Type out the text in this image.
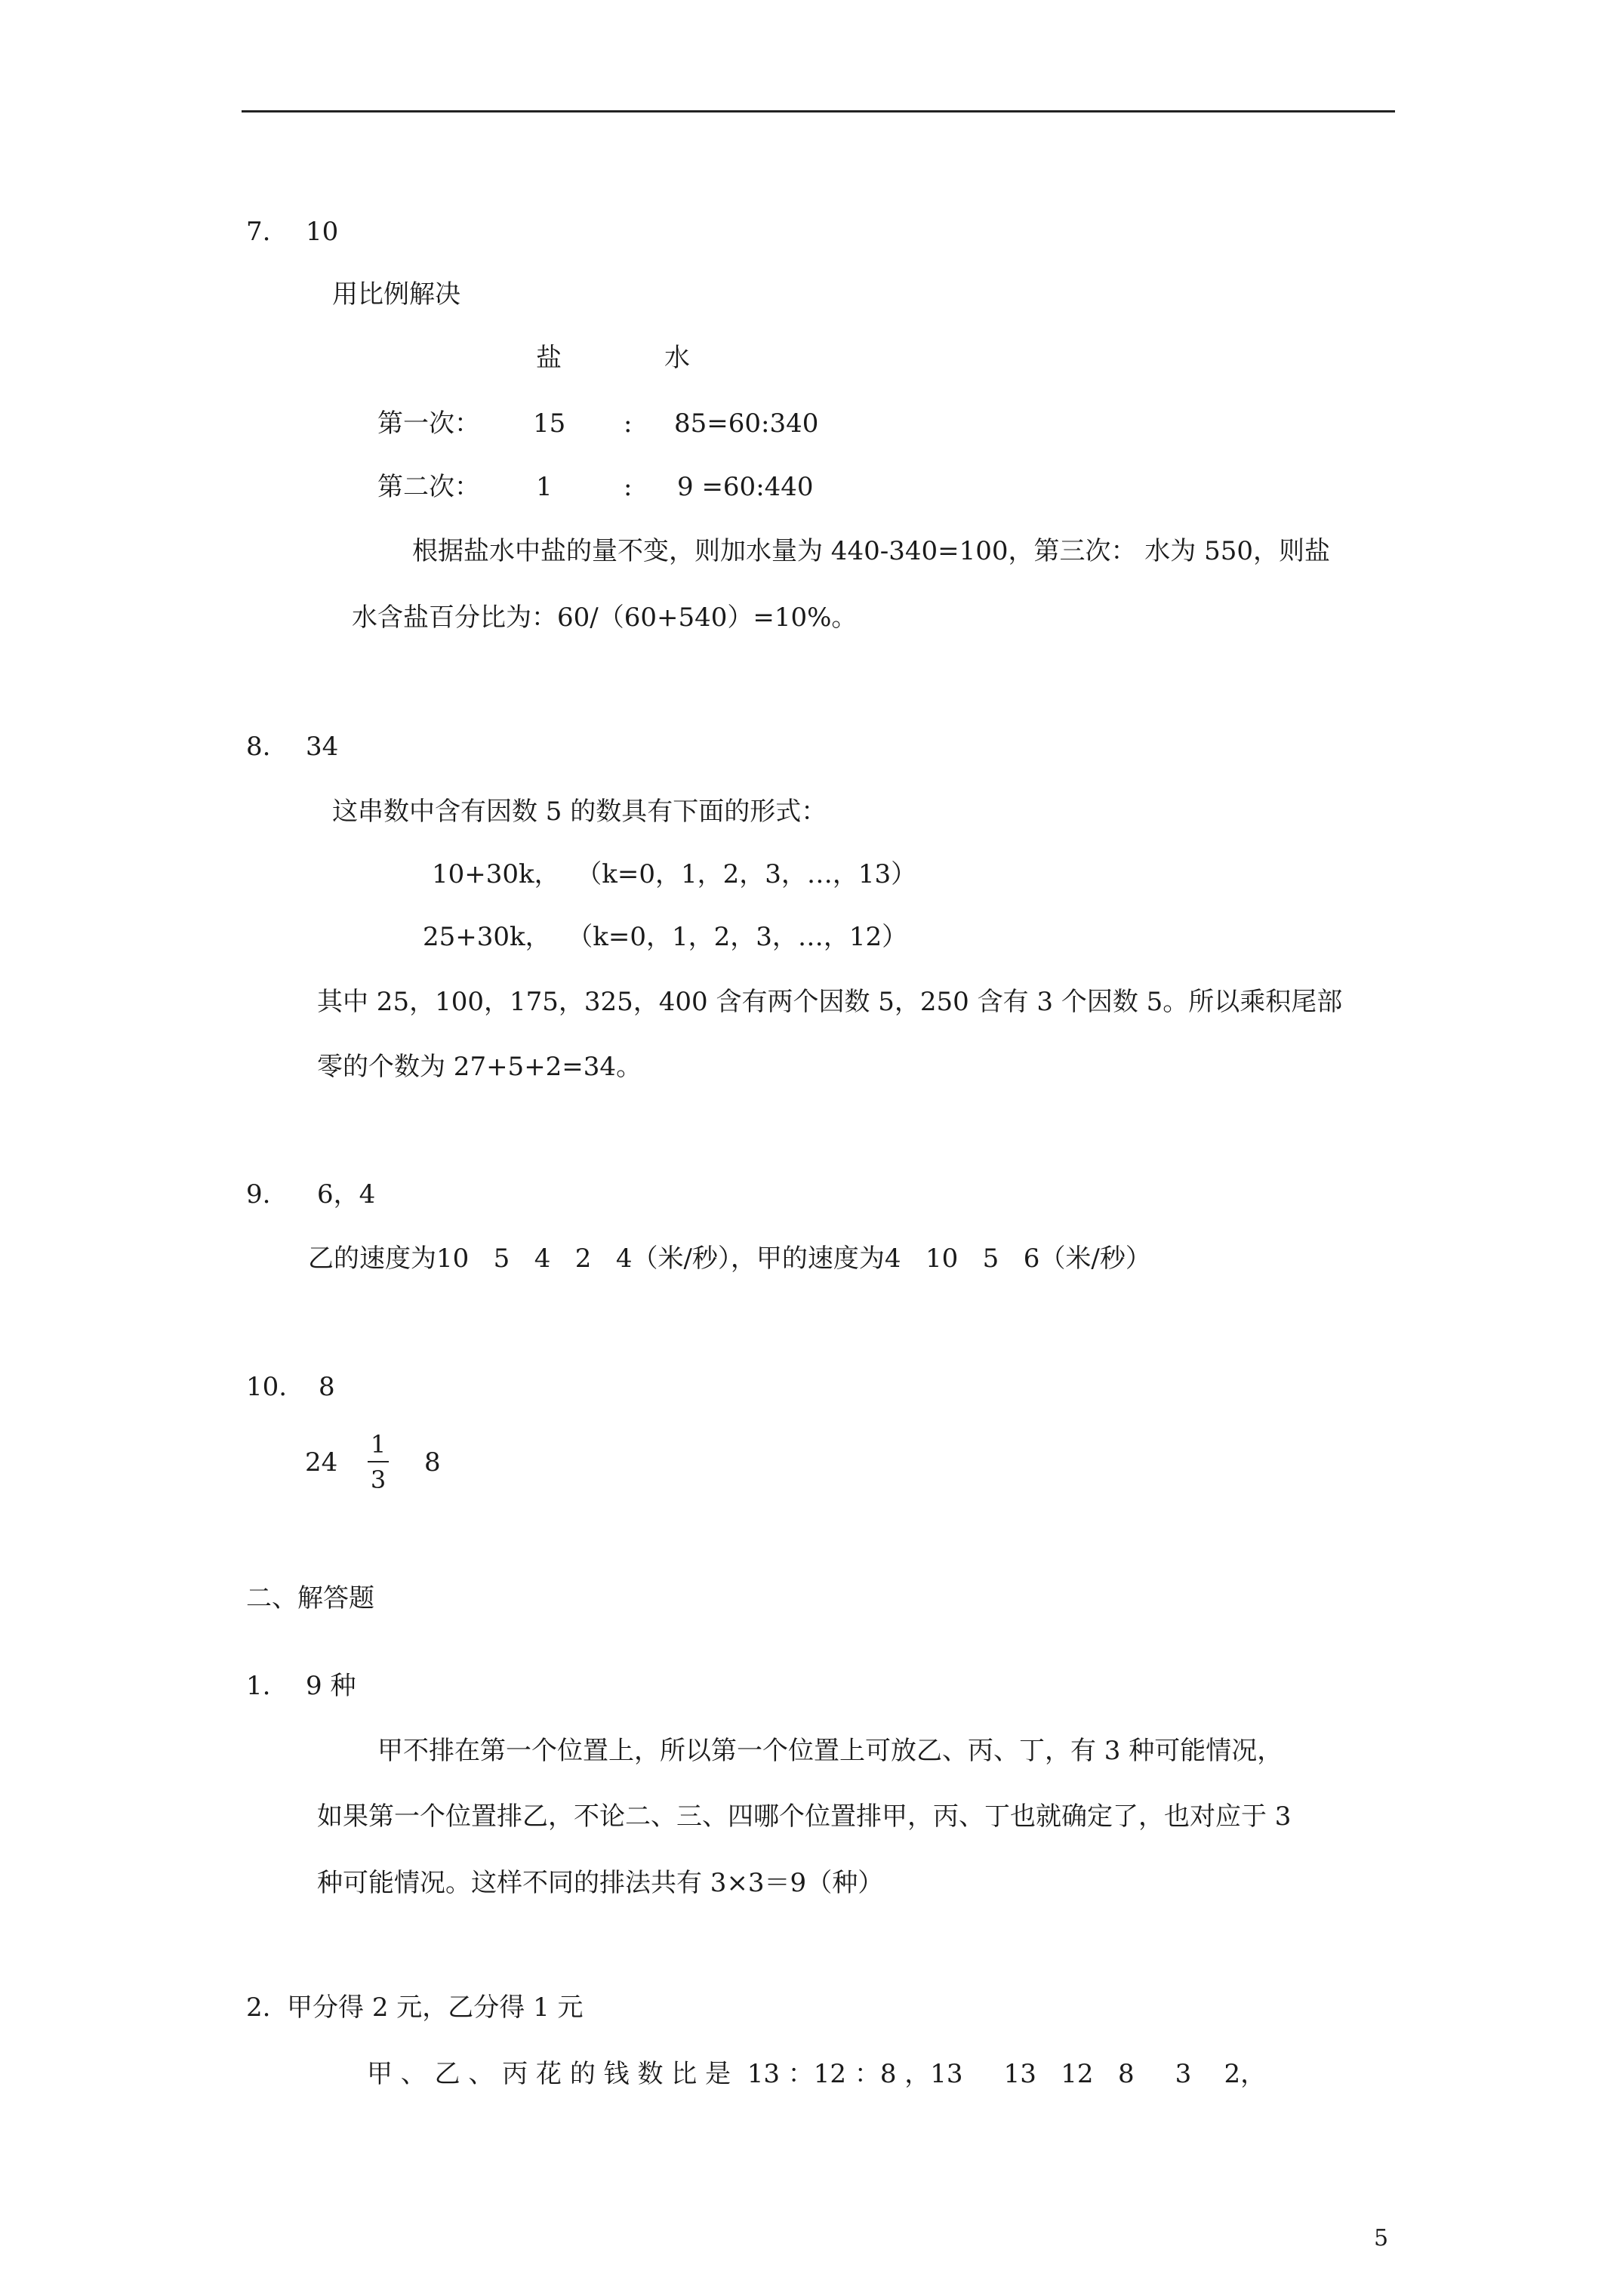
7. 10
用比例解决
盐	水
第一次： 15 : 85=60:340
第二次： 1	: 9 =60:440
根据盐水中盐的量不变，则加水量为 440-340=100，第三次： 水为 550，则盐
水含盐百分比为：60/（60+540）=10%。
8. 34
这串数中含有因数 5 的数具有下面的形式：
10+30k，  （k=0，1，2，3，…，13）
25+30k，  （k=0，1，2，3，…，12）
其中 25，100，175，325，400 含有两个因数 5，250 含有 3 个因数 5。所以乘积尾部
零的个数为 27+5+2=34。
9. 6，4
乙的速度为10   5   4   2   4（米/秒），甲的速度为4   10   5   6（米/秒）
10. 8
24
1
3
8
二、解答题
1. 9 种
甲不排在第一个位置上，所以第一个位置上可放乙、丙、丁，有 3 种可能情况，
如果第一个位置排乙，不论二、三、四哪个位置排甲，丙、丁也就确定了，也对应于 3
种可能情况。这样不同的排法共有 3×3＝9（种）
2.  甲分得 2 元，乙分得 1 元
甲 、 乙 、 丙 花 的 钱 数 比 是  13 ：12 ：8 ，13     13   12   8     3    2，
5
